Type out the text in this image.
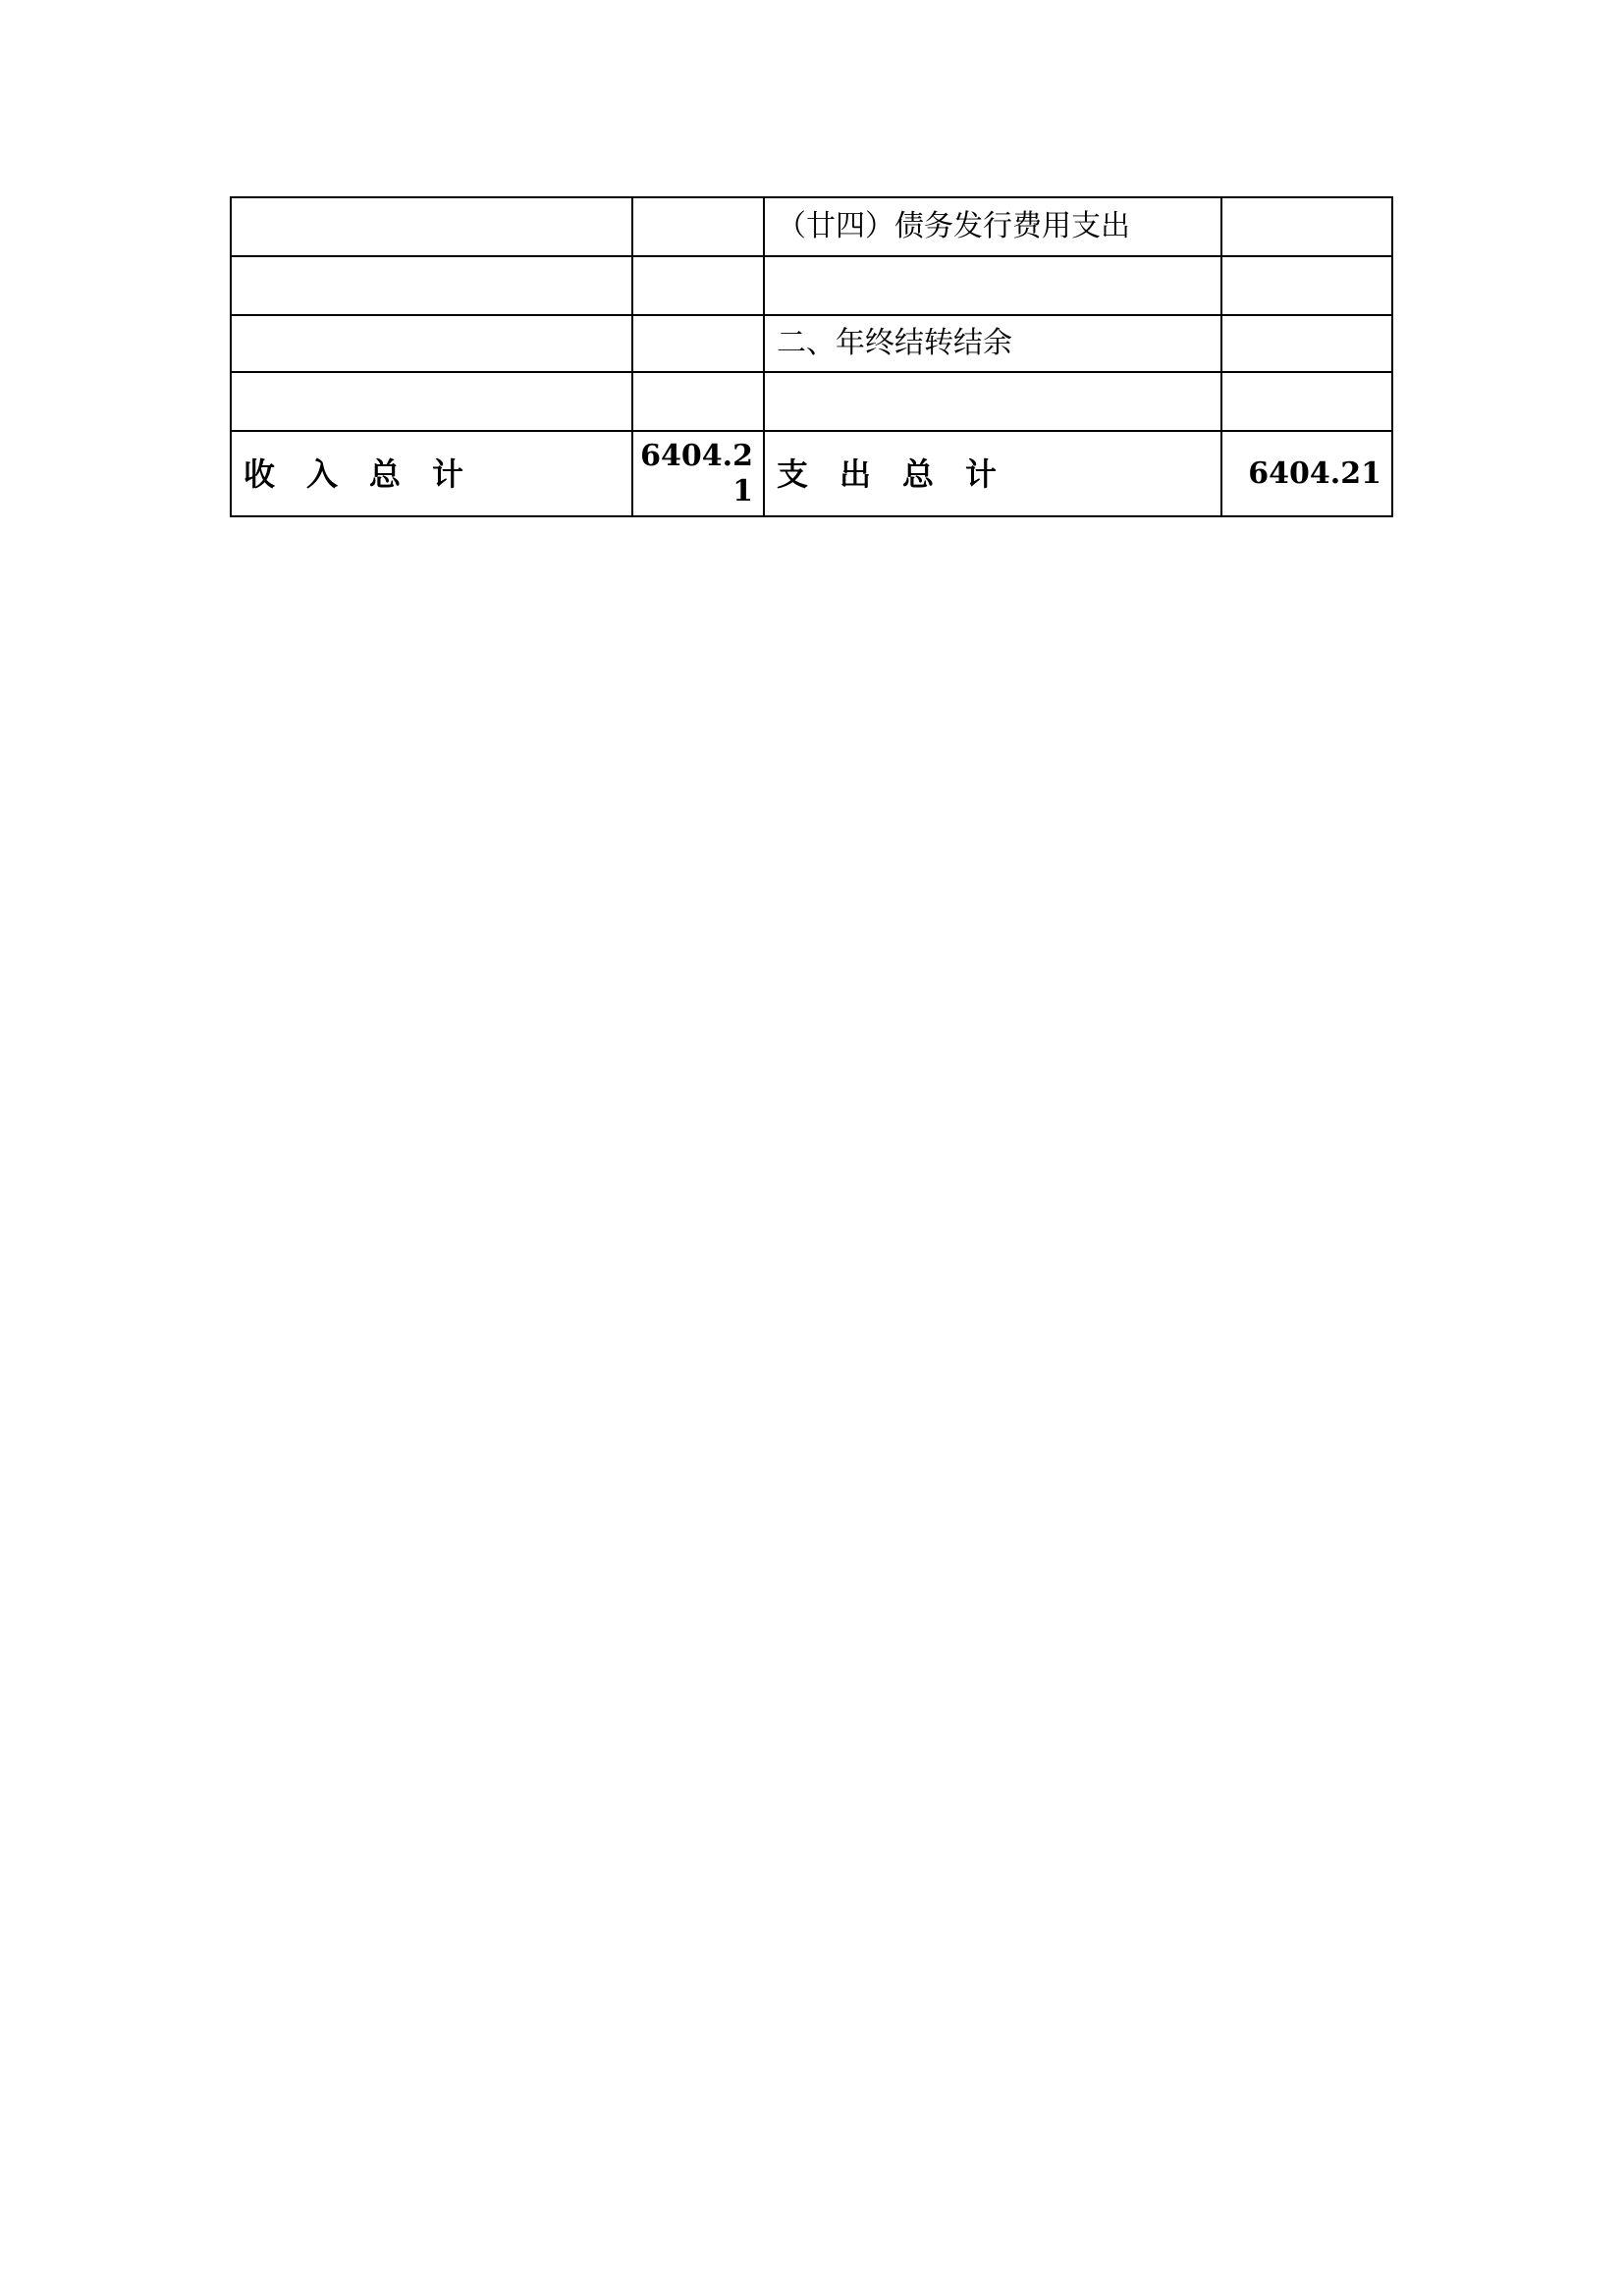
		（廿四）债务发行费用支出	

		二、年终结转结余	

收　入　总　计	6404.21	支　出　总　计	6404.21
